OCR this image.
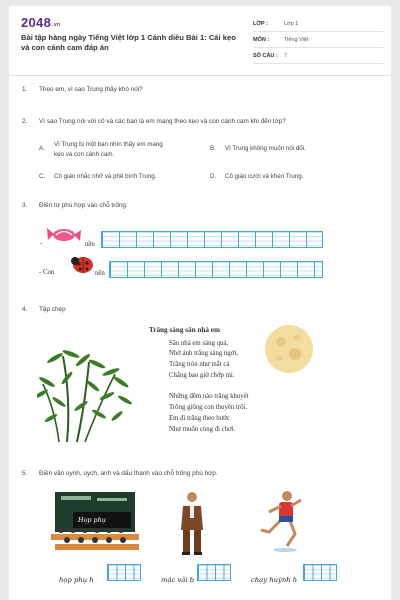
2048.vn
Bài tập hàng ngày Tiếng Việt lớp 1 Cánh diều Bài 1: Cái kẹo và con cánh cam đáp án
LỚP :	Lớp 1
MÔN :	Tiếng Việt
SỐ CÂU : 7
1. Theo em, vì sao Trung thấy khó nói?
2. Vì sao Trung nói với cô và các bạn là em mang theo kẹo và con cánh cam khi đến lớp?
A.
Vì Trung bị một bạn nhìn thấy em mang
kẹo và con cánh cam.
B. Vì Trung không muốn nói dối.
C. Cô giáo nhắc nhở và phê bình Trung.	D. Cô giáo cười và khen Trung.
3. Điền từ phù hợp vào chỗ trống:
-	nền
- Con	nền
4. Tập chép
Trăng sáng sân nhà em
Sân nhà em sáng quá,
Nhờ ánh trăng sáng ngời,
Trăng tròn như mắt cá
Chẳng bao giờ chớp mi.
Những đêm nào trăng khuyết
Trông giống con thuyền trôi.
Em đi trăng theo bước
Như muốn cùng đi chơi.
5. Điền vần uynh, uych, anh và dấu thanh vào chỗ trống phù hợp.
Họp phụ
họp phụ h	mặc vải b	chạy huỳnh h
